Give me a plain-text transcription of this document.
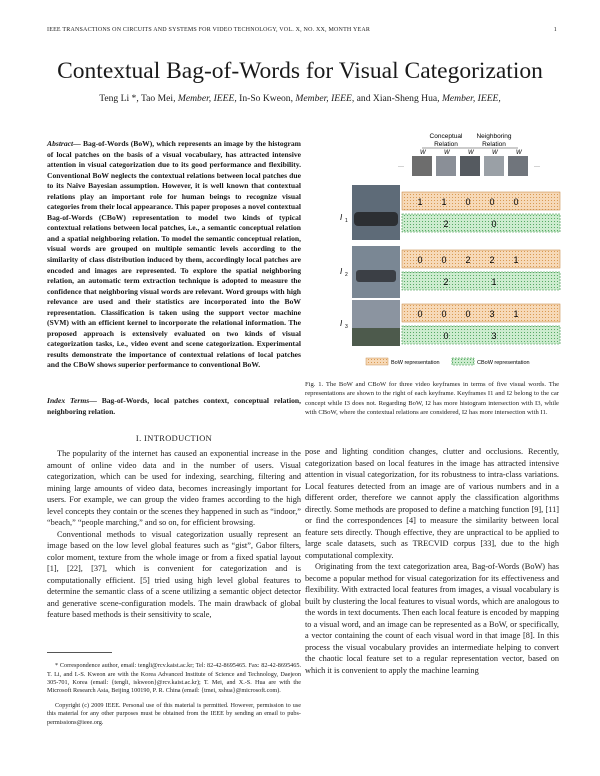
IEEE TRANSACTIONS ON CIRCUITS AND SYSTEMS FOR VIDEO TECHNOLOGY, VOL. X, NO. XX, MONTH YEAR	1
Contextual Bag-of-Words for Visual Categorization
Teng Li *, Tao Mei, Member, IEEE, In-So Kweon, Member, IEEE, and Xian-Sheng Hua, Member, IEEE,

Abstract— Bag-of-Words (BoW), which represents an image by the histogram of local patches on the basis of a visual vocabulary, has attracted intensive attention in visual categorization due to its good performance and flexibility. Conventional BoW neglects the contextual relations between local patches due to its Naive Bayesian assumption. However, it is well known that contextual relations play an important role for human beings to recognize visual categories from their local appearance. This paper proposes a novel contextual Bag-of-Words (CBoW) representation to model two kinds of typical contextual relations between local patches, i.e., a semantic conceptual relation and a spatial neighboring relation. To model the semantic conceptual relation, visual words are grouped on multiple semantic levels according to the similarity of class distribution induced by them, accordingly local patches are encoded and images are represented. To explore the spatial neighboring relation, an automatic term extraction technique is adopted to measure the confidence that neighboring visual words are relevant. Word groups with high relevance are used and their statistics are incorporated into the BoW representation. Classification is taken using the support vector machine (SVM) with an efficient kernel to incorporate the relational information. The proposed approach is extensively evaluated on two kinds of visual categorization tasks, i.e., video event and scene categorization. Experimental results demonstrate the importance of contextual relations of local patches and the CBoW shows superior performance to conventional BoW.

Index Terms— Bag-of-Words, local patches context, conceptual relation, neighboring relation.

I. INTRODUCTION

The popularity of the internet has caused an exponential increase in the amount of online video data and in the number of users. Visual categorization, which can be used for indexing, searching, filtering and mining large amounts of video data, becomes increasingly important for users. For example, we can group the video frames according to the high level concepts they contain or the scenes they happened in such as “indoor,” “beach,” “people marching,” and so on, for efficient browsing.

Conventional methods to visual categorization usually represent an image based on the low level global features such as “gist”, Gabor filters, color moment, texture from the whole image or from a fixed spatial layout [1], [22], [37], which is convenient for categorization and is computationally efficient. [5] tried using high level global features to determine the semantic class of a scene utilizing a semantic object detector and generative scene-configuration models. The main drawback of global feature based methods is their sensitivity to scale,

* Correspondence author, email: tengli@rcv.kaist.ac.kr; Tel: 82-42-8695465. Fax: 82-42-8695465. T. Li, and I.-S. Kweon are with the Korea Advanced Institute of Science and Technology, Daejeon 305-701, Korea (email: {tengli, iskweon}@rcv.kaist.ac.kr); T. Mei, and X.-S. Hua are with the Microsoft Research Asia, Beijing 100190, P. R. China (email: {tmei, xshua}@microsoft.com).

Copyright (c) 2009 IEEE. Personal use of this material is permitted. However, permission to use this material for any other purposes must be obtained from the IEEE by sending an email to pubs-permissions@ieee.org.

Conceptual
Relation
Neighboring
Relation
···	···
W	W	W	W	W
I 1
1 1 0 0 0
2	0
I 2
0 0 2 2 1
2	1
I 3
0 0 0 3 1
0	3
BoW representation	CBoW representation
Fig. 1. The BoW and CBoW for three video keyframes in terms of five visual words. The representations are shown to the right of each keyframe. Keyframes I1 and I2 belong to the car concept while I3 does not. Regarding BoW, I2 has more histogram intersection with I3, while with CBoW, where the contextual relations are considered, I2 has more intersection with I1.

pose and lighting condition changes, clutter and occlusions. Recently, categorization based on local features in the image has attracted intensive attention in visual categorization, for its robustness to intra-class variations. Local features detected from an image are of various numbers and in a different order, therefore we cannot apply the classification algorithms directly. Some methods are proposed to define a matching function [9], [11] or find the correspondences [4] to measure the similarity between local feature sets directly. Though effective, they are unpractical to be applied to large scale datasets, such as TRECVID corpus [33], due to the high computational complexity.

Originating from the text categorization area, Bag-of-Words (BoW) has become a popular method for visual categorization for its effectiveness and flexibility. With extracted local features from images, a visual vocabulary is built by clustering the local features to visual words, which are analogous to the words in text documents. Then each local feature is encoded by mapping to a visual word, and an image can be represented as a BoW, or specifically, a vector containing the count of each visual word in that image [8]. In this process the visual vocabulary provides an intermediate helping to convert the chaotic local feature set to a regular representation vector, based on which it is convenient to apply the machine learning
